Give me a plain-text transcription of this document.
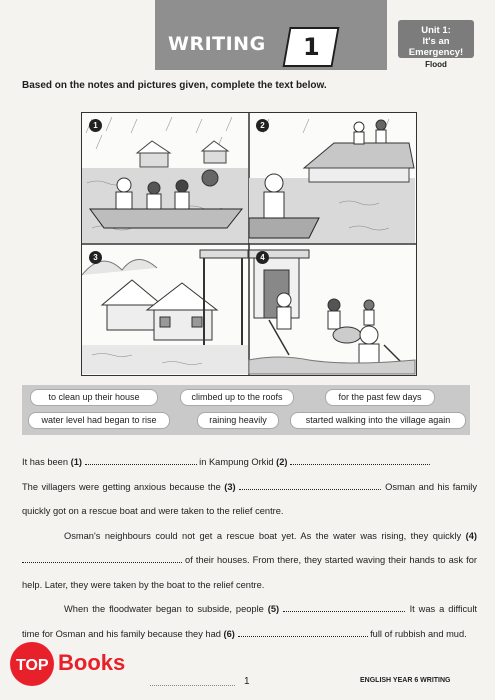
WRITING 1
Unit 1:
It's an Emergency!
Flood
Based on the notes and pictures given, complete the text below.
1	2
3	4
to clean up their house	climbed up to the roofs	for the past few days
water level had began to rise	raining heavily	started walking into the village again

It has been (1)	in Kampung Orkid (2)	.
The villagers were getting anxious because the (3)	. Osman and his family quickly got on a rescue boat and were taken to the relief centre.

Osman's neighbours could not get a rescue boat yet. As the water was rising, they quickly (4)  of their houses. From there, they started waving their hands to ask for help. Later, they were taken by the boat to the relief centre.

When the floodwater began to subside, people (5)	. It was a difficult time for Osman and his family because they had (6)	full of rubbish and mud.

1	ENGLISH YEAR 6 WRITING
TOP Books
